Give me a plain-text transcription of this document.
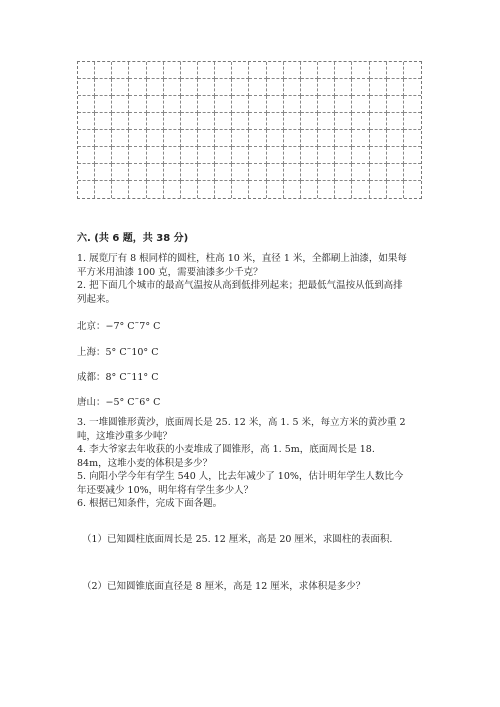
六. (共 6 题，共 38 分)

1. 展览厅有 8 根同样的圆柱，柱高 10 米，直径 1 米，全都刷上油漆，如果每平方米用油漆 100 克，需要油漆多少千克？

2. 把下面几个城市的最高气温按从高到低排列起来；把最低气温按从低到高排列起来。

北京：−7° C˜7° C
上海：5° C˜10° C
成都：8° C˜11° C
唐山：−5° C˜6° C

3. 一堆圆锥形黄沙，底面周长是 25. 12 米，高 1. 5 米，每立方米的黄沙重 2 吨，这堆沙重多少吨？

4. 李大爷家去年收获的小麦堆成了圆锥形，高 1. 5m，底面周长是 18. 84m，这堆小麦的体积是多少？

5. 向阳小学今年有学生 540 人，比去年减少了 10%，估计明年学生人数比今年还要减少 10%，明年将有学生多少人？

6. 根据已知条件，完成下面各题。

（1）已知圆柱底面周长是 25. 12 厘米，高是 20 厘米，求圆柱的表面积.
（2）已知圆锥底面直径是 8 厘米，高是 12 厘米，求体积是多少？
